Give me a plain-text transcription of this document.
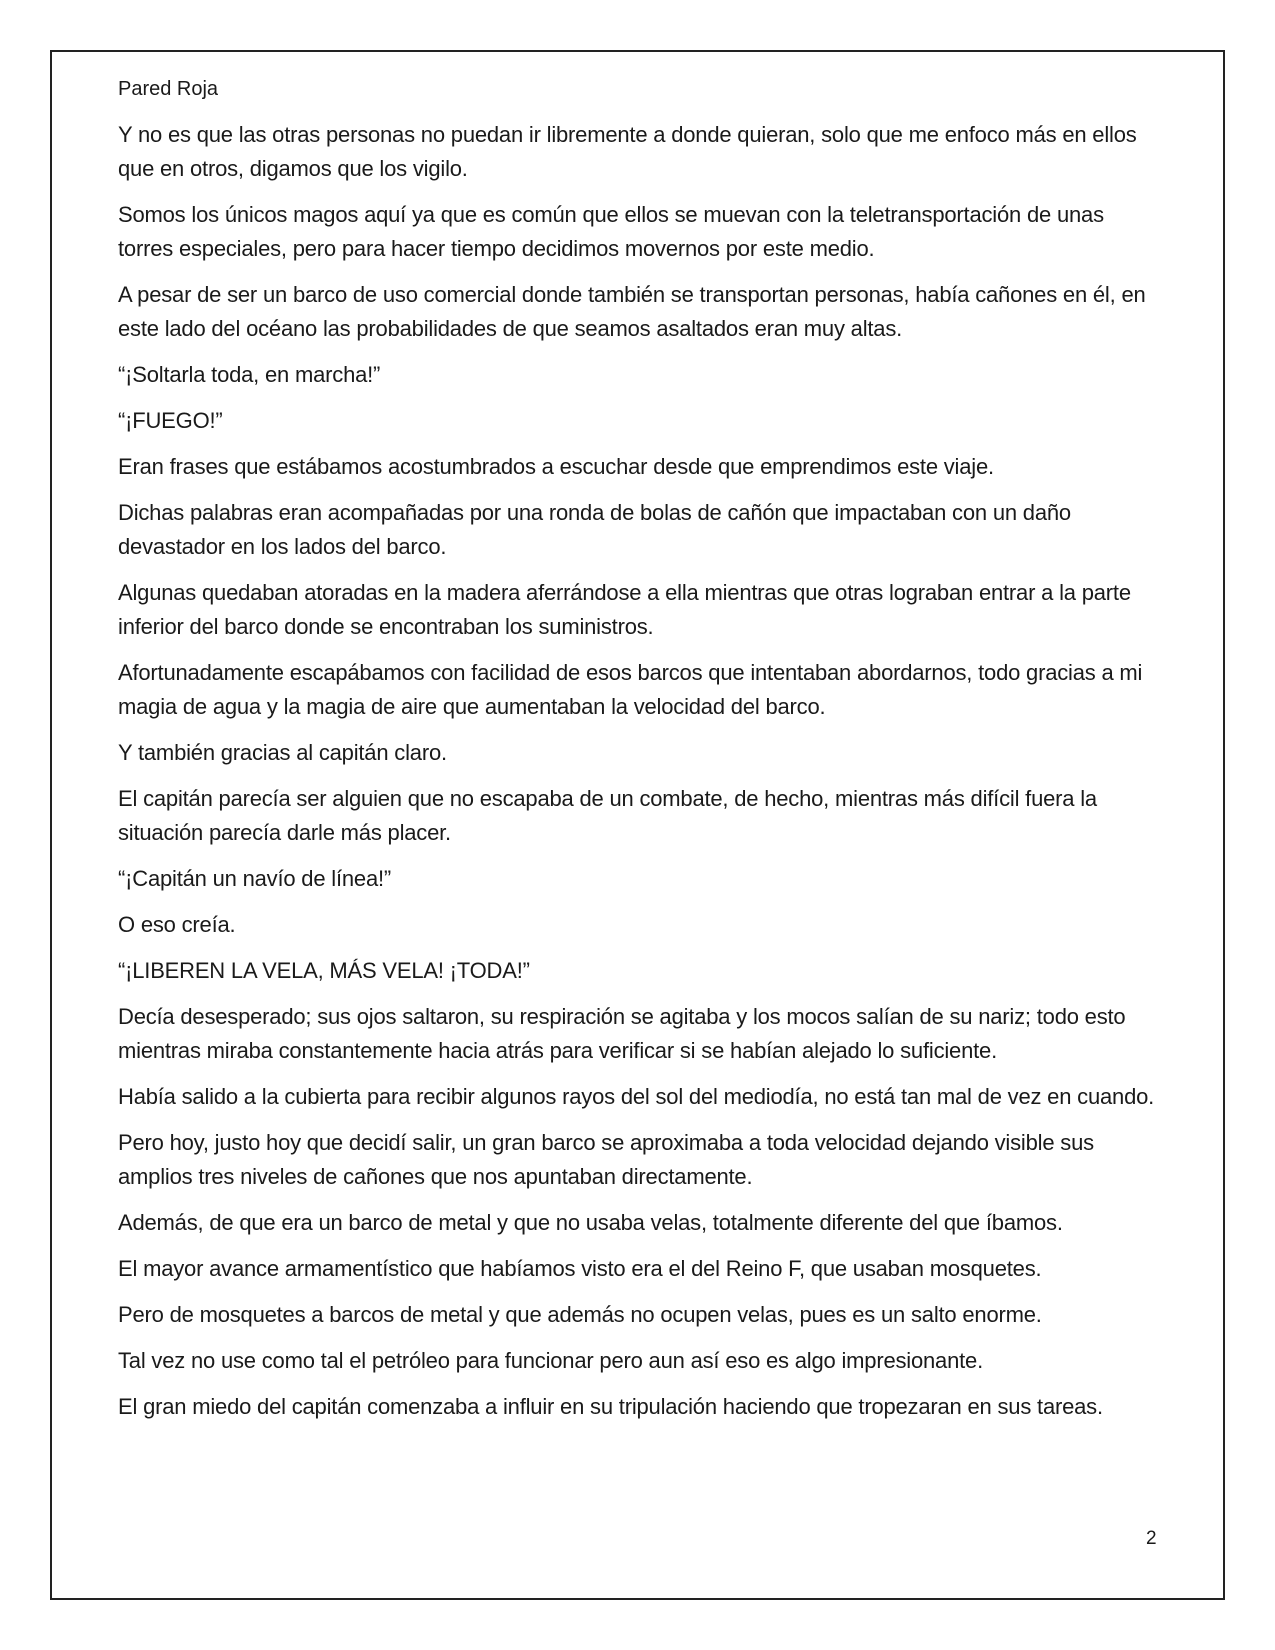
Pared Roja

Y no es que las otras personas no puedan ir libremente a donde quieran, solo que me enfoco más en ellos que en otros, digamos que los vigilo.

Somos los únicos magos aquí ya que es común que ellos se muevan con la teletransportación de unas torres especiales, pero para hacer tiempo decidimos movernos por este medio.

A pesar de ser un barco de uso comercial donde también se transportan personas, había cañones en él, en este lado del océano las probabilidades de que seamos asaltados eran muy altas.

“¡Soltarla toda, en marcha!”

“¡FUEGO!”

Eran frases que estábamos acostumbrados a escuchar desde que emprendimos este viaje.

Dichas palabras eran acompañadas por una ronda de bolas de cañón que impactaban con un daño devastador en los lados del barco.

Algunas quedaban atoradas en la madera aferrándose a ella mientras que otras lograban entrar a la parte inferior del barco donde se encontraban los suministros.

Afortunadamente escapábamos con facilidad de esos barcos que intentaban abordarnos, todo gracias a mi magia de agua y la magia de aire que aumentaban la velocidad del barco.

Y también gracias al capitán claro.

El capitán parecía ser alguien que no escapaba de un combate, de hecho, mientras más difícil fuera la situación parecía darle más placer.

“¡Capitán un navío de línea!”

O eso creía.

“¡LIBEREN LA VELA, MÁS VELA! ¡TODA!”

Decía desesperado; sus ojos saltaron, su respiración se agitaba y los mocos salían de su nariz; todo esto mientras miraba constantemente hacia atrás para verificar si se habían alejado lo suficiente.

Había salido a la cubierta para recibir algunos rayos del sol del mediodía, no está tan mal de vez en cuando.

Pero hoy, justo hoy que decidí salir, un gran barco se aproximaba a toda velocidad dejando visible sus amplios tres niveles de cañones que nos apuntaban directamente.

Además, de que era un barco de metal y que no usaba velas, totalmente diferente del que íbamos.

El mayor avance armamentístico que habíamos visto era el del Reino F, que usaban mosquetes.

Pero de mosquetes a barcos de metal y que además no ocupen velas, pues es un salto enorme.

Tal vez no use como tal el petróleo para funcionar pero aun así eso es algo impresionante.

El gran miedo del capitán comenzaba a influir en su tripulación haciendo que tropezaran en sus tareas.

2
